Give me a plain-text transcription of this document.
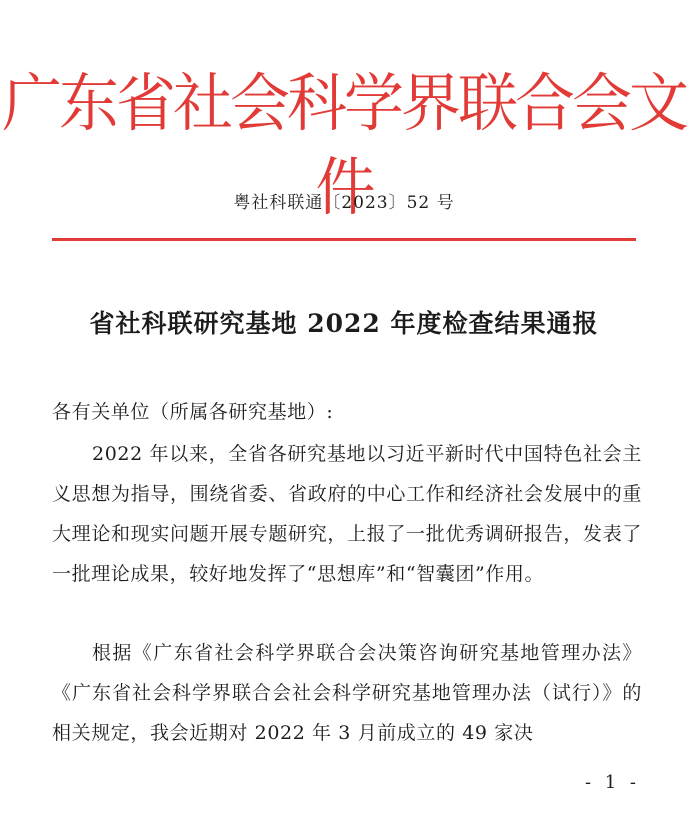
广东省社会科学界联合会文件
粤社科联通〔2023〕52 号
省社科联研究基地 2022 年度检查结果通报
各有关单位（所属各研究基地）:
2022 年以来，全省各研究基地以习近平新时代中国特色社会主义思想为指导，围绕省委、省政府的中心工作和经济社会发展中的重大理论和现实问题开展专题研究，上报了一批优秀调研报告，发表了一批理论成果，较好地发挥了“思想库”和“智囊团”作用。
根据《广东省社会科学界联合会决策咨询研究基地管理办法》《广东省社会科学界联合会社会科学研究基地管理办法（试行）》的相关规定，我会近期对 2022 年 3 月前成立的 49 家决
- 1 -
